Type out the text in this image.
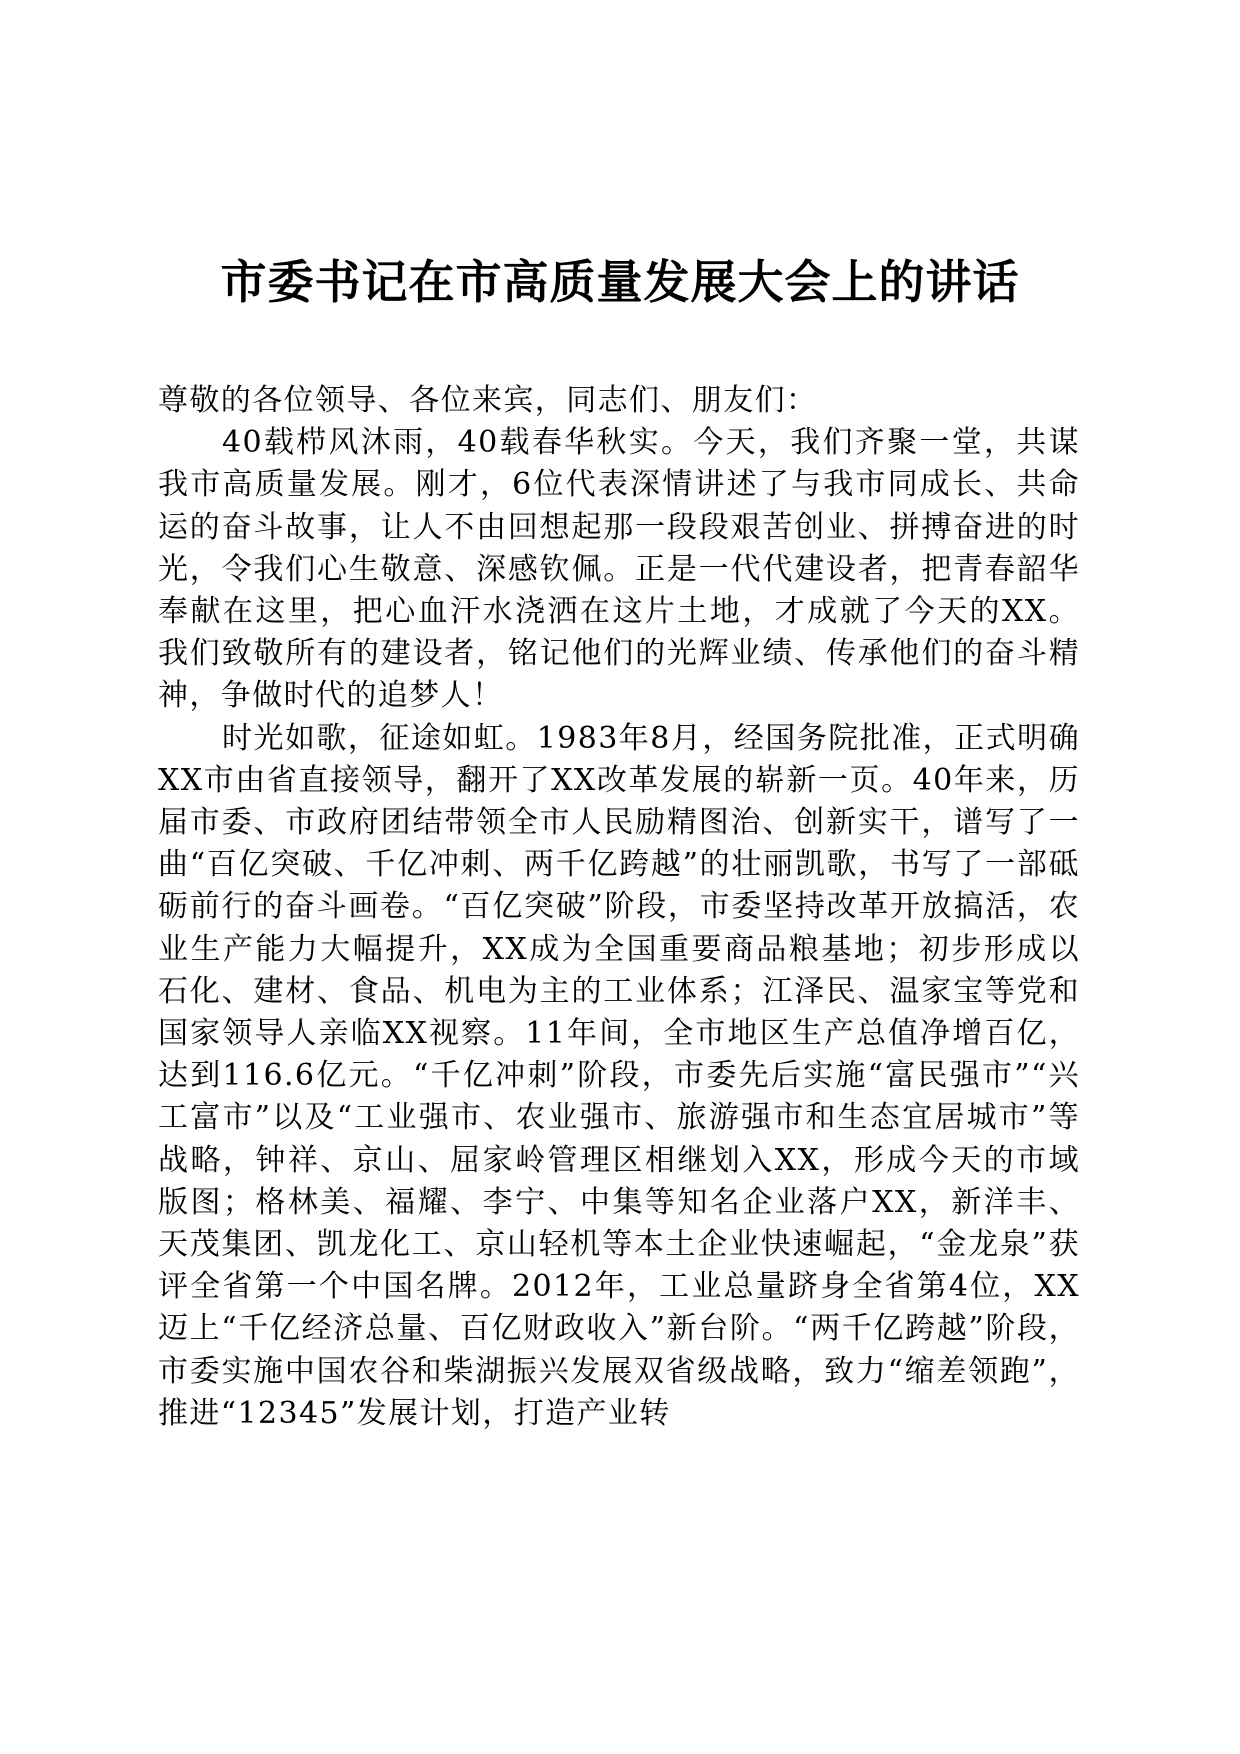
市委书记在市高质量发展大会上的讲话

尊敬的各位领导、各位来宾，同志们、朋友们：

40载栉风沐雨，40载春华秋实。今天，我们齐聚一堂，共谋我市高质量发展。刚才，6位代表深情讲述了与我市同成长、共命运的奋斗故事，让人不由回想起那一段段艰苦创业、拼搏奋进的时光，令我们心生敬意、深感钦佩。正是一代代建设者，把青春韶华奉献在这里，把心血汗水浇洒在这片土地，才成就了今天的XX。我们致敬所有的建设者，铭记他们的光辉业绩、传承他们的奋斗精神，争做时代的追梦人！

时光如歌，征途如虹。1983年8月，经国务院批准，正式明确XX市由省直接领导，翻开了XX改革发展的崭新一页。40年来，历届市委、市政府团结带领全市人民励精图治、创新实干，谱写了一曲“百亿突破、千亿冲刺、两千亿跨越”的壮丽凯歌，书写了一部砥砺前行的奋斗画卷。“百亿突破”阶段，市委坚持改革开放搞活，农业生产能力大幅提升，XX成为全国重要商品粮基地；初步形成以石化、建材、食品、机电为主的工业体系；江泽民、温家宝等党和国家领导人亲临XX视察。11年间，全市地区生产总值净增百亿，达到116.6亿元。“千亿冲刺”阶段，市委先后实施“富民强市”“兴工富市”以及“工业强市、农业强市、旅游强市和生态宜居城市”等战略，钟祥、京山、屈家岭管理区相继划入XX，形成今天的市域版图；格林美、福耀、李宁、中集等知名企业落户XX，新洋丰、天茂集团、凯龙化工、京山轻机等本土企业快速崛起，“金龙泉”获评全省第一个中国名牌。2012年，工业总量跻身全省第4位，XX迈上“千亿经济总量、百亿财政收入”新台阶。“两千亿跨越”阶段，市委实施中国农谷和柴湖振兴发展双省级战略，致力“缩差领跑”，推进“12345”发展计划，打造产业转
